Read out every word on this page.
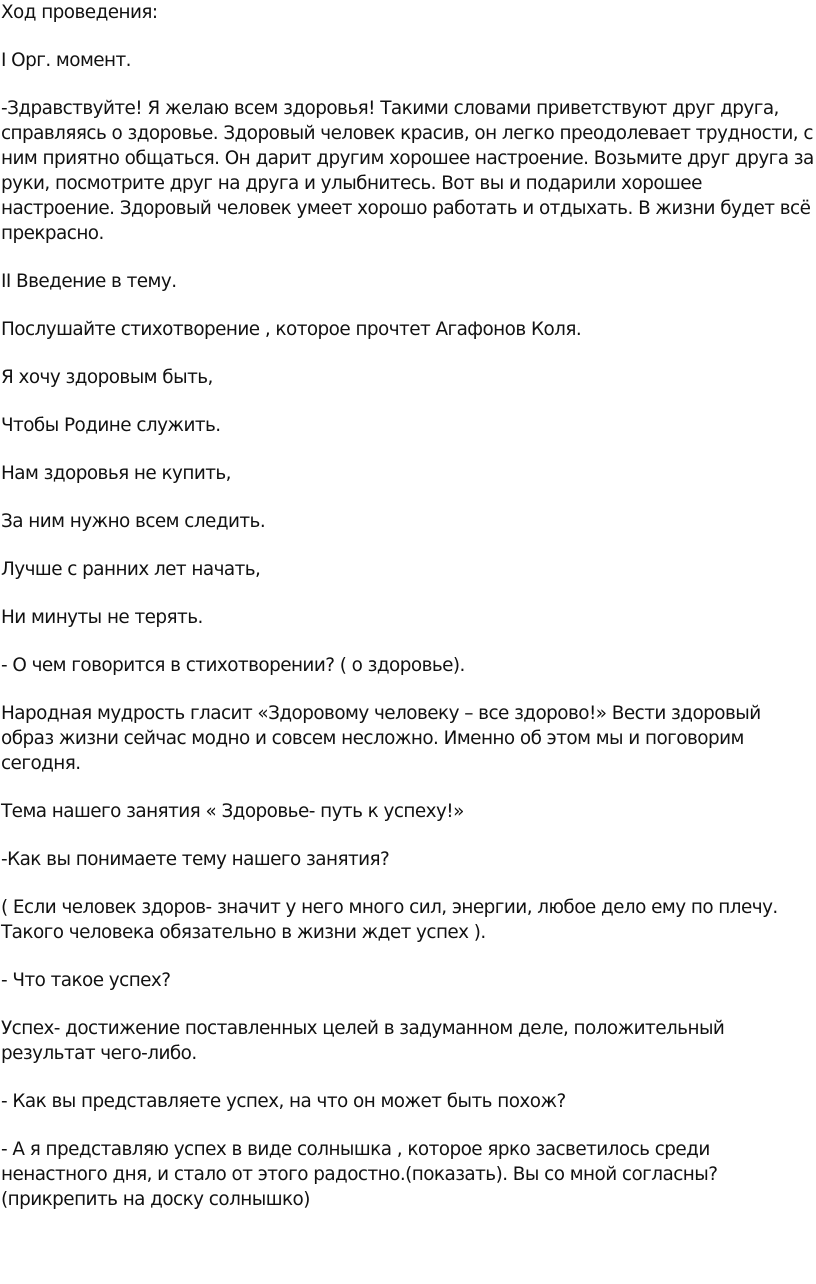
Ход проведения:

I Орг. момент.

-Здравствуйте! Я желаю всем здоровья! Такими словами приветствуют друг друга, справляясь о здоровье. Здоровый человек красив, он легко преодолевает трудности, с ним приятно общаться. Он дарит другим хорошее настроение. Возьмите друг друга за руки, посмотрите друг на друга и улыбнитесь. Вот вы и подарили хорошее настроение. Здоровый человек умеет хорошо работать и отдыхать. В жизни будет всё прекрасно.

II Введение в тему.

Послушайте стихотворение , которое прочтет Агафонов Коля.

Я хочу здоровым быть,

Чтобы Родине служить.

Нам здоровья не купить,

За ним нужно всем следить.

Лучше с ранних лет начать,

Ни минуты не терять.

- О чем говорится в стихотворении? ( о здоровье).

Народная мудрость гласит «Здоровому человеку – все здорово!» Вести здоровый образ жизни сейчас модно и совсем несложно. Именно об этом мы и поговорим сегодня.

Тема нашего занятия « Здоровье- путь к успеху!»

-Как вы понимаете тему нашего занятия?

( Если человек здоров- значит у него много сил, энергии, любое дело ему по плечу. Такого человека обязательно в жизни ждет успех ).

- Что такое успех?

Успех- достижение поставленных целей в задуманном деле, положительный результат чего-либо.

- Как вы представляете успех, на что он может быть похож?

- А я представляю успех в виде солнышка , которое ярко засветилось среди ненастного дня, и стало от этого радостно.(показать). Вы со мной согласны? (прикрепить на доску солнышко)
